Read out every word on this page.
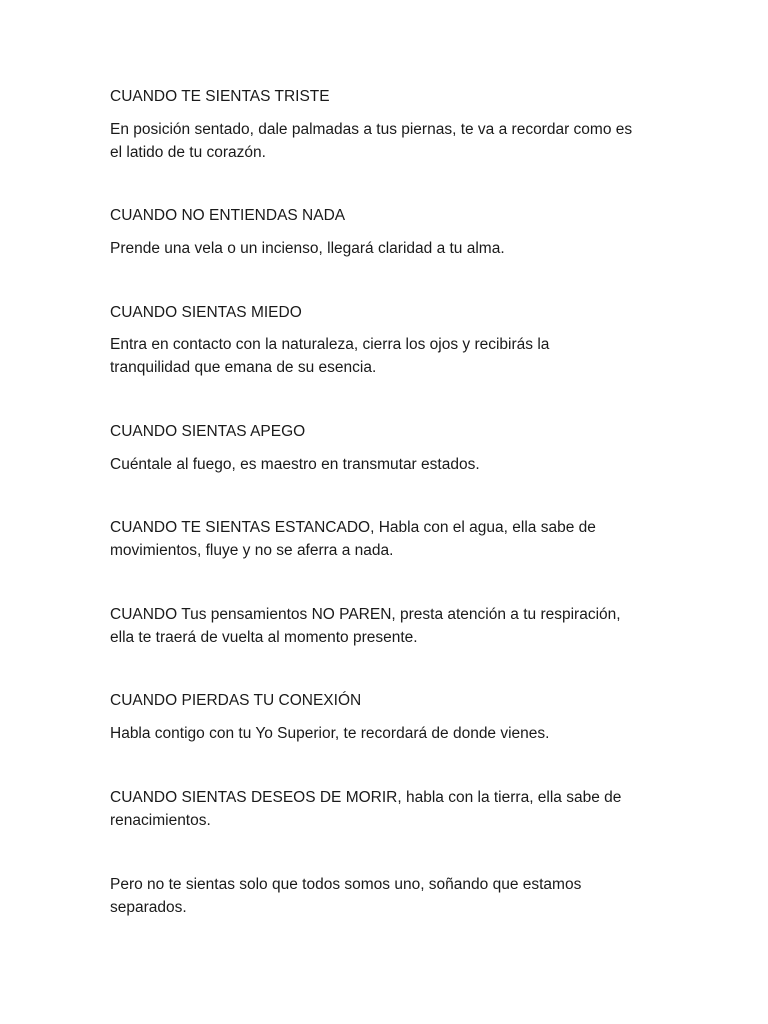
CUANDO TE SIENTAS TRISTE

En posición sentado, dale palmadas a tus piernas, te va a recordar como es

el latido de tu corazón.

CUANDO NO ENTIENDAS NADA

Prende una vela o un incienso, llegará claridad a tu alma.

CUANDO SIENTAS MIEDO

Entra en contacto con la naturaleza, cierra los ojos y recibirás la

tranquilidad que emana de su esencia.

CUANDO SIENTAS APEGO

Cuéntale al fuego, es maestro en transmutar estados.

CUANDO TE SIENTAS ESTANCADO, Habla con el agua, ella sabe de

movimientos, fluye y no se aferra a nada.

CUANDO Tus pensamientos NO PAREN, presta atención a tu respiración,

ella te traerá de vuelta al momento presente.

CUANDO PIERDAS TU CONEXIÓN

Habla contigo con tu Yo Superior, te recordará de donde vienes.

CUANDO SIENTAS DESEOS DE MORIR, habla con la tierra, ella sabe de

renacimientos.

Pero no te sientas solo que todos somos uno, soñando que estamos

separados.
